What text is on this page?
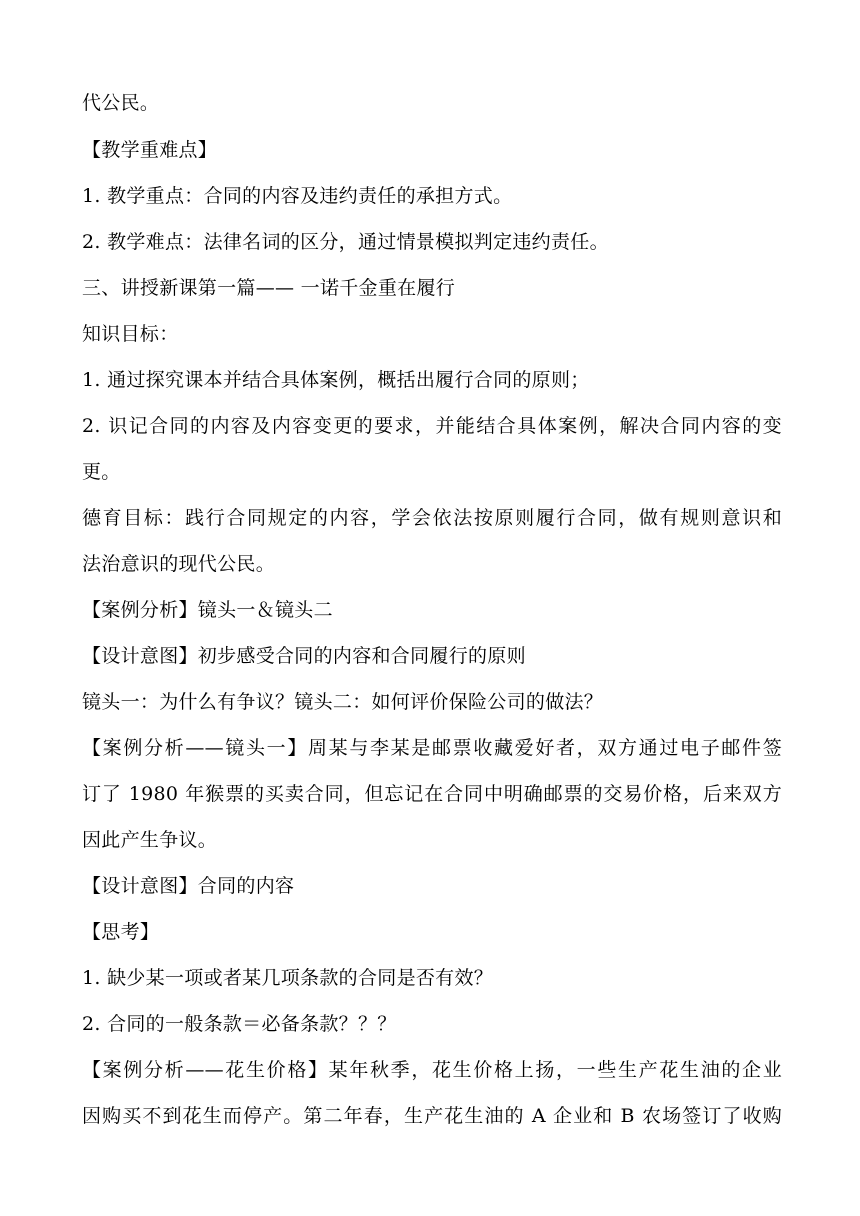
代公民。
【教学重难点】
1. 教学重点：合同的内容及违约责任的承担方式。
2. 教学难点：法律名词的区分，通过情景模拟判定违约责任。
三、讲授新课第一篇—— 一诺千金重在履行
知识目标：
1. 通过探究课本并结合具体案例，概括出履行合同的原则；
2. 识记合同的内容及内容变更的要求，并能结合具体案例，解决合同内容的变
更。
德育目标：践行合同规定的内容，学会依法按原则履行合同，做有规则意识和
法治意识的现代公民。
【案例分析】镜头一＆镜头二
【设计意图】初步感受合同的内容和合同履行的原则
镜头一：为什么有争议？镜头二：如何评价保险公司的做法？
【案例分析——镜头一】周某与李某是邮票收藏爱好者，双方通过电子邮件签
订了 1980 年猴票的买卖合同，但忘记在合同中明确邮票的交易价格，后来双方
因此产生争议。
【设计意图】合同的内容
【思考】
1. 缺少某一项或者某几项条款的合同是否有效？
2. 合同的一般条款＝必备条款？？？
【案例分析——花生价格】某年秋季，花生价格上扬，一些生产花生油的企业
因购买不到花生而停产。第二年春，生产花生油的 A 企业和 B 农场签订了收购
